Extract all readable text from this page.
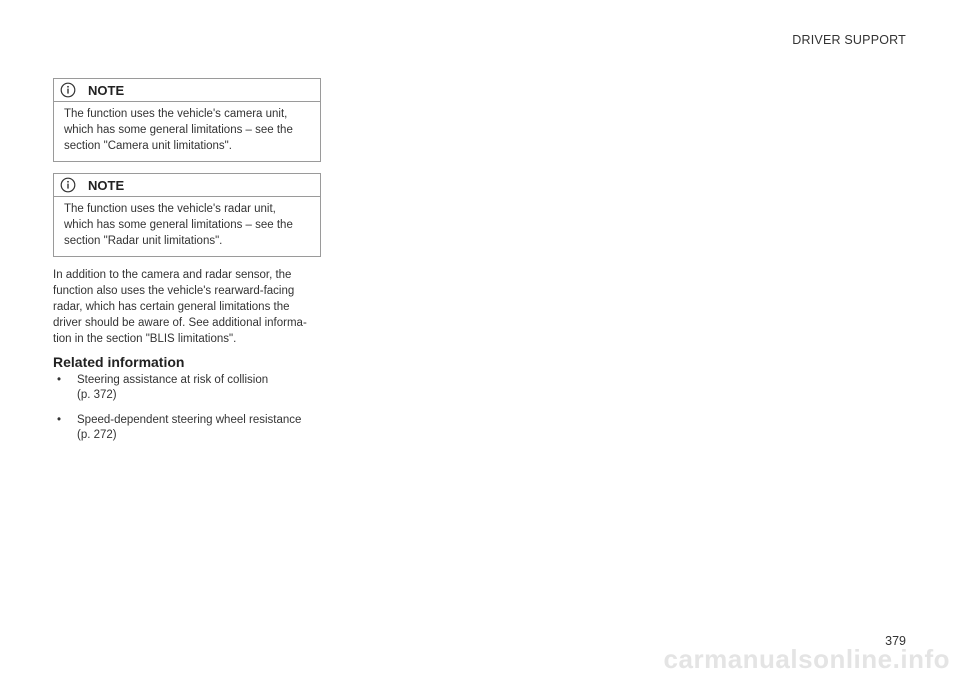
DRIVER SUPPORT
NOTE
The function uses the vehicle's camera unit,
which has some general limitations – see the
section "Camera unit limitations".
NOTE
The function uses the vehicle's radar unit,
which has some general limitations – see the
section "Radar unit limitations".
In addition to the camera and radar sensor, the
function also uses the vehicle's rearward-facing
radar, which has certain general limitations the
driver should be aware of. See additional informa-
tion in the section "BLIS limitations".
Related information
• Steering assistance at risk of collision
(p. 372)
• Speed-dependent steering wheel resistance
(p. 272)
379
carmanualsonline.info
